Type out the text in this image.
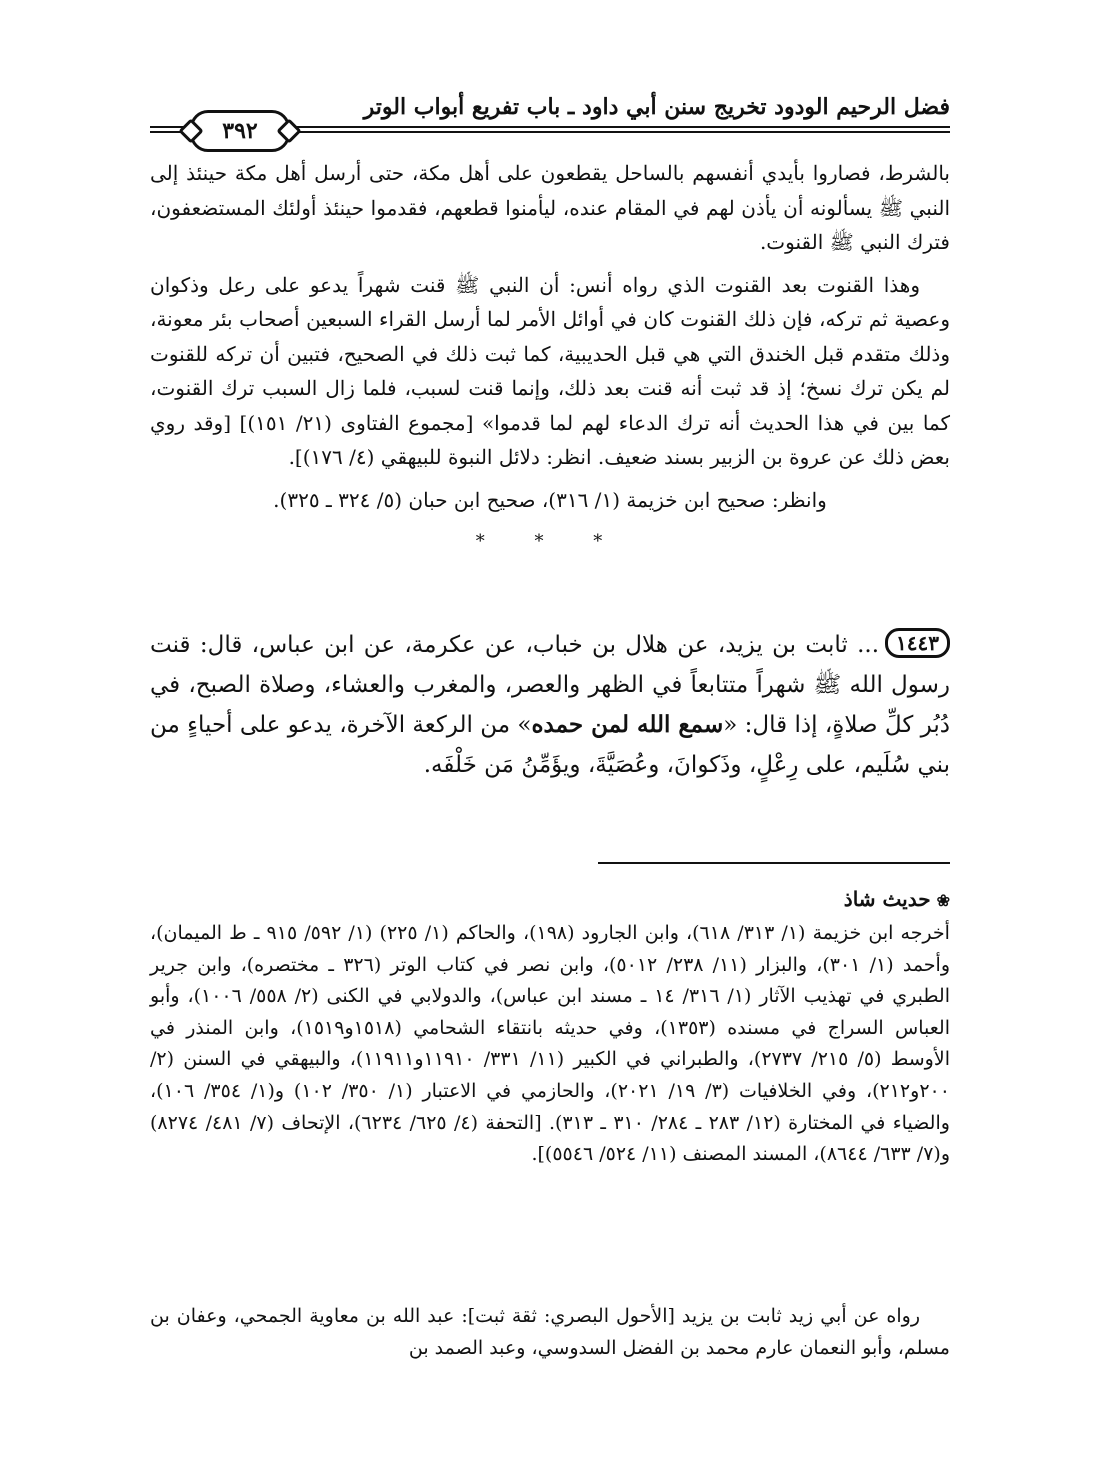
فضل الرحيم الودود تخريج سنن أبي داود ـ باب تفريع أبواب الوتر
٣٩٢

بالشرط، فصاروا بأيدي أنفسهم بالساحل يقطعون على أهل مكة، حتى أرسل أهل مكة حينئذ إلى النبي ﷺ يسألونه أن يأذن لهم في المقام عنده، ليأمنوا قطعهم، فقدموا حينئذ أولئك المستضعفون، فترك النبي ﷺ القنوت.

وهذا القنوت بعد القنوت الذي رواه أنس: أن النبي ﷺ قنت شهراً يدعو على رعل وذكوان وعصية ثم تركه، فإن ذلك القنوت كان في أوائل الأمر لما أرسل القراء السبعين أصحاب بئر معونة، وذلك متقدم قبل الخندق التي هي قبل الحديبية، كما ثبت ذلك في الصحيح، فتبين أن تركه للقنوت لم يكن ترك نسخ؛ إذ قد ثبت أنه قنت بعد ذلك، وإنما قنت لسبب، فلما زال السبب ترك القنوت، كما بين في هذا الحديث أنه ترك الدعاء لهم لما قدموا» [مجموع الفتاوى (٢١/ ١٥١)] [وقد روي بعض ذلك عن عروة بن الزبير بسند ضعيف. انظر: دلائل النبوة للبيهقي (٤/ ١٧٦)].

وانظر: صحيح ابن خزيمة (١/ ٣١٦)، صحيح ابن حبان (٥/ ٣٢٤ ـ ٣٢٥).

* * *

١٤٤٣... ثابت بن يزيد، عن هلال بن خباب، عن عكرمة، عن ابن عباس، قال: قنت رسول الله ﷺ شهراً متتابعاً في الظهر والعصر، والمغرب والعشاء، وصلاة الصبح، في دُبُر كلِّ صلاةٍ، إذا قال: «سمع الله لمن حمده» من الركعة الآخرة، يدعو على أحياءٍ من بني سُلَيم، على رِعْلٍ، وذَكوانَ، وعُصَيَّةَ، ويؤَمِّنُ مَن خَلْفَه.
❀حديث شاذ

أخرجه ابن خزيمة (١/ ٣١٣/ ٦١٨)، وابن الجارود (١٩٨)، والحاكم (١/ ٢٢٥) (١/ ٥٩٢/ ٩١٥ ـ ط الميمان)، وأحمد (١/ ٣٠١)، والبزار (١١/ ٢٣٨/ ٥٠١٢)، وابن نصر في كتاب الوتر (٣٢٦ ـ مختصره)، وابن جرير الطبري في تهذيب الآثار (١/ ٣١٦/ ١٤ ـ مسند ابن عباس)، والدولابي في الكنى (٢/ ٥٥٨/ ١٠٠٦)، وأبو العباس السراج في مسنده (١٣٥٣)، وفي حديثه بانتقاء الشحامي (١٥١٨و١٥١٩)، وابن المنذر في الأوسط (٥/ ٢١٥/ ٢٧٣٧)، والطبراني في الكبير (١١/ ٣٣١/ ١١٩١٠و١١٩١١)، والبيهقي في السنن (٢/ ٢٠٠و٢١٢)، وفي الخلافيات (٣/ ١٩/ ٢٠٢١)، والحازمي في الاعتبار (١/ ٣٥٠/ ١٠٢) و(١/ ٣٥٤/ ١٠٦)، والضياء في المختارة (١٢/ ٢٨٣ ـ ٢٨٤/ ٣١٠ ـ ٣١٣). [التحفة (٤/ ٦٢٥/ ٦٢٣٤)، الإتحاف (٧/ ٤٨١/ ٨٢٧٤) و(٧/ ٦٣٣/ ٨٦٤٤)، المسند المصنف (١١/ ٥٢٤/ ٥٥٤٦)].

رواه عن أبي زيد ثابت بن يزيد [الأحول البصري: ثقة ثبت]: عبد الله بن معاوية الجمحي، وعفان بن مسلم، وأبو النعمان عارم محمد بن الفضل السدوسي، وعبد الصمد بن
